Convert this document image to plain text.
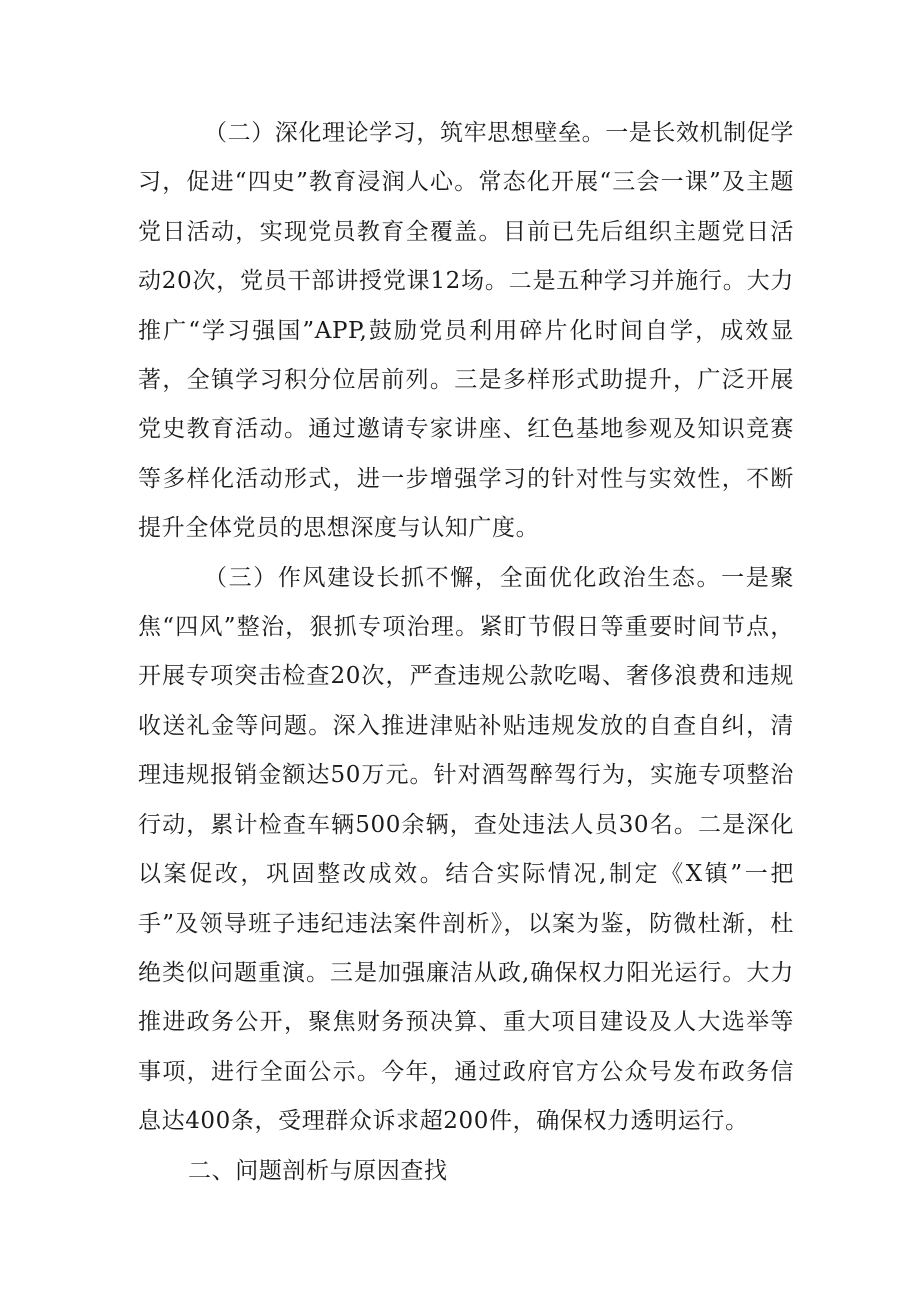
（二）深化理论学习，筑牢思想壁垒。一是长效机制促学习，促进“四史”教育浸润人心。常态化开展“三会一课”及主题党日活动，实现党员教育全覆盖。目前已先后组织主题党日活动20次，党员干部讲授党课12场。二是五种学习并施行。大力推广“学习强国”APP,鼓励党员利用碎片化时间自学，成效显著，全镇学习积分位居前列。三是多样形式助提升，广泛开展党史教育活动。通过邀请专家讲座、红色基地参观及知识竞赛等多样化活动形式，进一步增强学习的针对性与实效性，不断提升全体党员的思想深度与认知广度。

（三）作风建设长抓不懈，全面优化政治生态。一是聚焦“四风”整治，狠抓专项治理。紧盯节假日等重要时间节点，开展专项突击检查20次，严查违规公款吃喝、奢侈浪费和违规收送礼金等问题。深入推进津贴补贴违规发放的自查自纠，清理违规报销金额达50万元。针对酒驾醉驾行为，实施专项整治行动，累计检查车辆500余辆，查处违法人员30名。二是深化以案促改，巩固整改成效。结合实际情况,制定《X镇”一把手”及领导班子违纪违法案件剖析》，以案为鉴，防微杜渐，杜绝类似问题重演。三是加强廉洁从政,确保权力阳光运行。大力推进政务公开，聚焦财务预决算、重大项目建设及人大选举等事项，进行全面公示。今年，通过政府官方公众号发布政务信息达400条，受理群众诉求超200件，确保权力透明运行。

二、问题剖析与原因查找
